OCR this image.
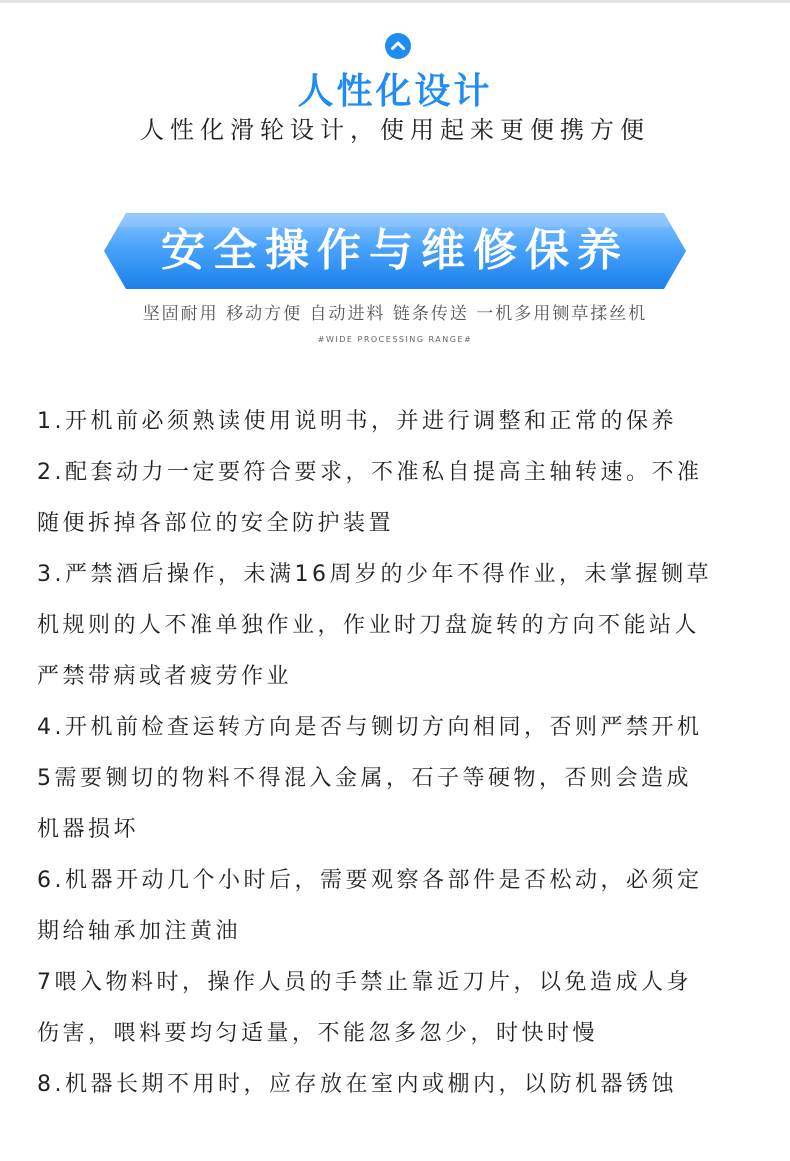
人性化设计
人性化滑轮设计，使用起来更便携方便
安全操作与维修保养
坚固耐用 移动方便 自动进料 链条传送 一机多用铡草揉丝机
#WIDE PROCESSING RANGE#
1.开机前必须熟读使用说明书，并进行调整和正常的保养
2.配套动力一定要符合要求，不准私自提高主轴转速。不准
随便拆掉各部位的安全防护装置
3.严禁酒后操作，未满16周岁的少年不得作业，未掌握铡草
机规则的人不准单独作业，作业时刀盘旋转的方向不能站人
严禁带病或者疲劳作业
4.开机前检查运转方向是否与铡切方向相同，否则严禁开机
5需要铡切的物料不得混入金属，石子等硬物，否则会造成
机器损坏
6.机器开动几个小时后，需要观察各部件是否松动，必须定
期给轴承加注黄油
7喂入物料时，操作人员的手禁止靠近刀片，以免造成人身
伤害，喂料要均匀适量，不能忽多忽少，时快时慢
8.机器长期不用时，应存放在室内或棚内，以防机器锈蚀
